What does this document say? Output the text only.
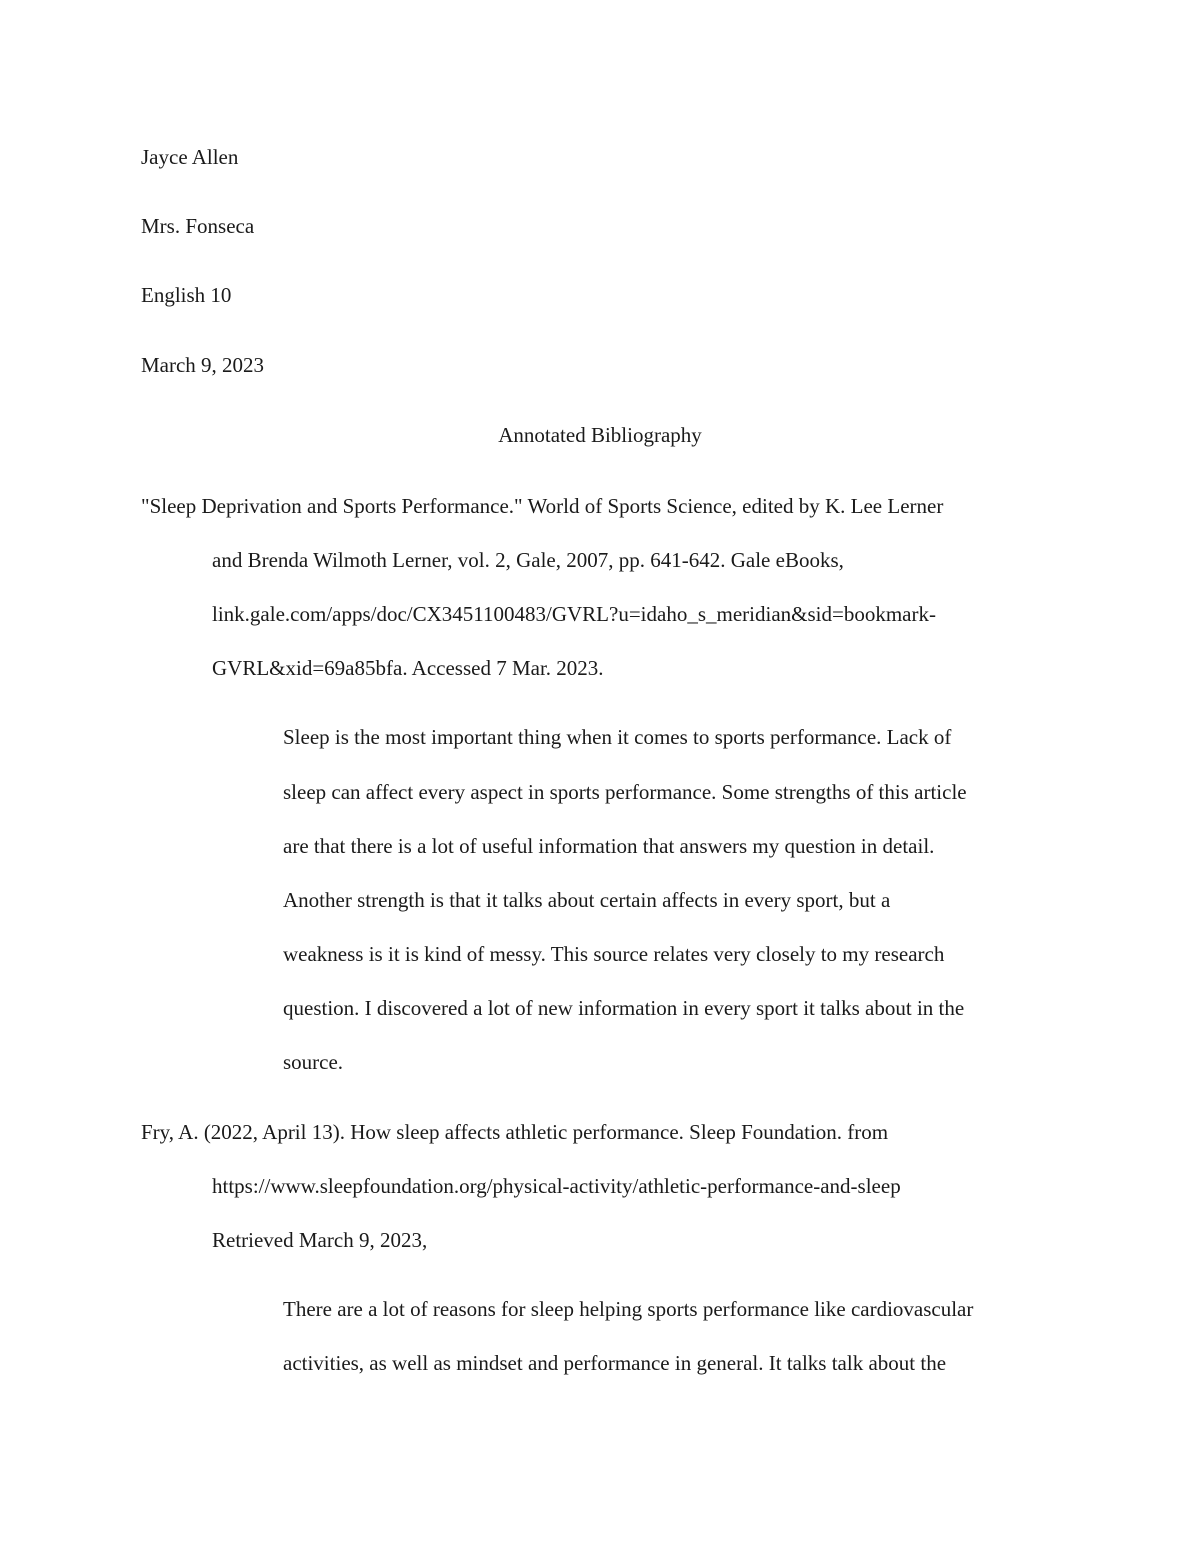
Jayce Allen
Mrs. Fonseca
English 10
March 9, 2023
Annotated Bibliography
"Sleep Deprivation and Sports Performance." World of Sports Science, edited by K. Lee Lerner
and Brenda Wilmoth Lerner, vol. 2, Gale, 2007, pp. 641-642. Gale eBooks,
link.gale.com/apps/doc/CX3451100483/GVRL?u=idaho_s_meridian&sid=bookmark-
GVRL&xid=69a85bfa. Accessed 7 Mar. 2023.
Sleep is the most important thing when it comes to sports performance. Lack of
sleep can affect every aspect in sports performance. Some strengths of this article
are that there is a lot of useful information that answers my question in detail.
Another strength is that it talks about certain affects in every sport, but a
weakness is it is kind of messy. This source relates very closely to my research
question. I discovered a lot of new information in every sport it talks about in the
source.
Fry, A. (2022, April 13). How sleep affects athletic performance. Sleep Foundation. from
https://www.sleepfoundation.org/physical-activity/athletic-performance-and-sleep
Retrieved March 9, 2023,
There are a lot of reasons for sleep helping sports performance like cardiovascular
activities, as well as mindset and performance in general. It talks talk about the
